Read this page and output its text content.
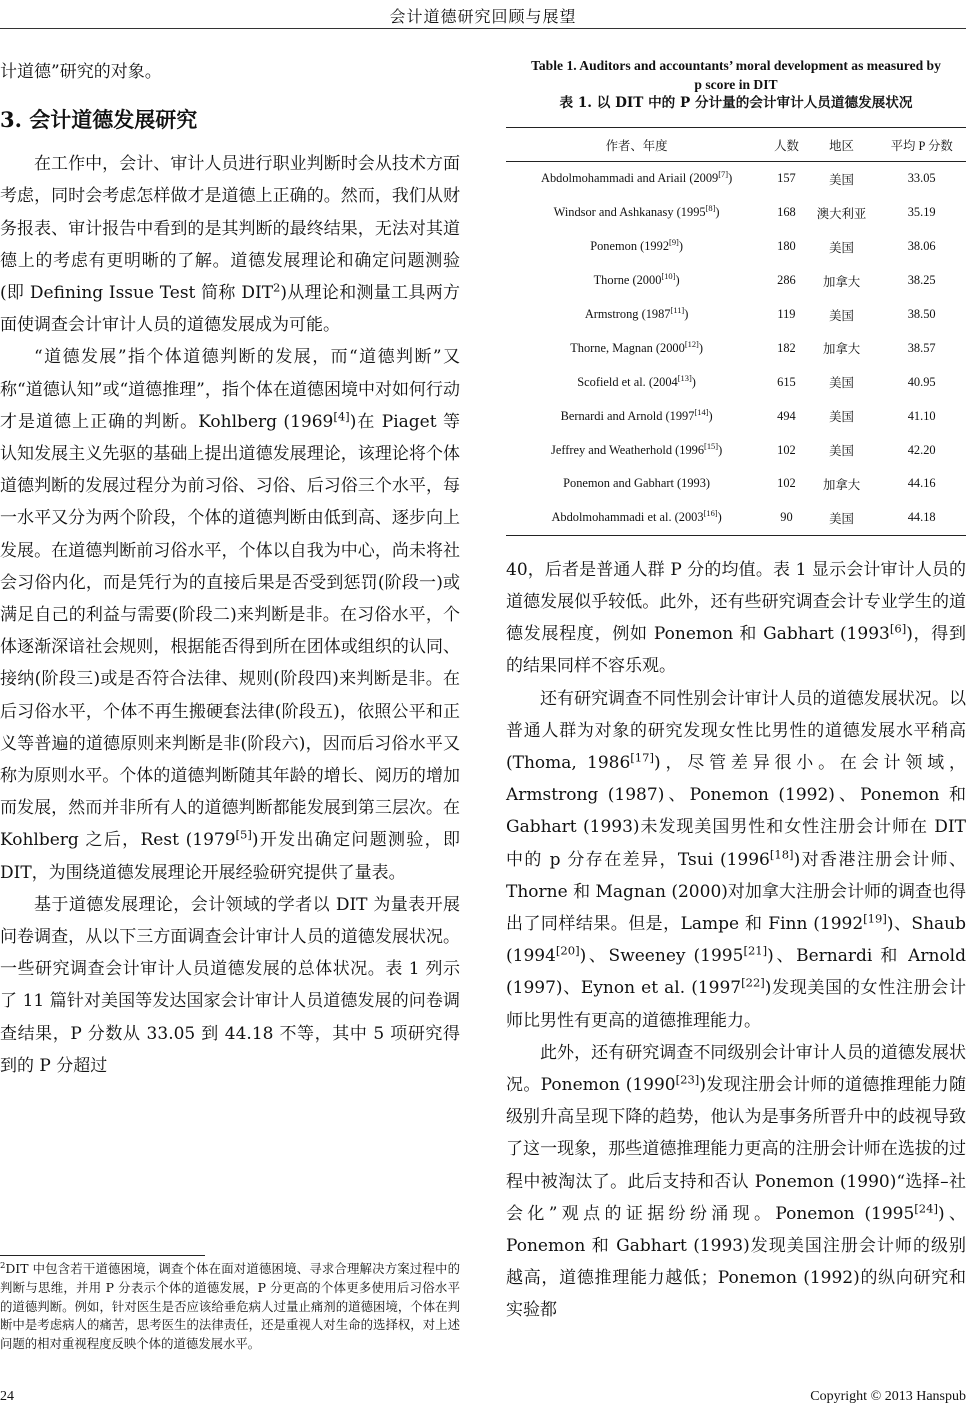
会计道德研究回顾与展望

计道德”研究的对象。

3. 会计道德发展研究

在工作中，会计、审计人员进行职业判断时会从技术方面考虑，同时会考虑怎样做才是道德上正确的。然而，我们从财务报表、审计报告中看到的是其判断的最终结果，无法对其道德上的考虑有更明晰的了解。道德发展理论和确定问题测验(即 Defining Issue Test 简称 DIT$^2$)从理论和测量工具两方面使调查会计审计人员的道德发展成为可能。

“道德发展”指个体道德判断的发展，而“道德判断”又称“道德认知”或“道德推理”，指个体在道德困境中对如何行动才是道德上正确的判断。Kohlberg (1969[4])在 Piaget 等认知发展主义先驱的基础上提出道德发展理论，该理论将个体道德判断的发展过程分为前习俗、习俗、后习俗三个水平，每一水平又分为两个阶段，个体的道德判断由低到高、逐步向上发展。在道德判断前习俗水平，个体以自我为中心，尚未将社会习俗内化，而是凭行为的直接后果是否受到惩罚(阶段一)或满足自己的利益与需要(阶段二)来判断是非。在习俗水平，个体逐渐深谙社会规则，根据能否得到所在团体或组织的认同、接纳(阶段三)或是否符合法律、规则(阶段四)来判断是非。在后习俗水平，个体不再生搬硬套法律(阶段五)，依照公平和正义等普遍的道德原则来判断是非(阶段六)，因而后习俗水平又称为原则水平。个体的道德判断随其年龄的增长、阅历的增加而发展，然而并非所有人的道德判断都能发展到第三层次。在 Kohlberg 之后，Rest (1979[5])开发出确定问题测验，即 DIT，为围绕道德发展理论开展经验研究提供了量表。

基于道德发展理论，会计领域的学者以 DIT 为量表开展问卷调查，从以下三方面调查会计审计人员的道德发展状况。一些研究调查会计审计人员道德发展的总体状况。表 1 列示了 11 篇针对美国等发达国家会计审计人员道德发展的问卷调查结果，P 分数从 33.05 到 44.18 不等，其中 5 项研究得到的 P 分超过

$^2$DIT 中包含若干道德困境，调查个体在面对道德困境、寻求合理解决方案过程中的判断与思维，并用 P 分表示个体的道德发展，P 分更高的个体更多使用后习俗水平的道德判断。例如，针对医生是否应该给垂危病人过量止痛剂的道德困境，个体在判断中是考虑病人的痛苦，思考医生的法律责任，还是重视人对生命的选择权，对上述问题的相对重视程度反映个体的道德发展水平。
Table 1. Auditors and accountants’ moral development as measured by p score in DIT
表 1. 以 DIT 中的 P 分计量的会计审计人员道德发展状况
作者、年度	人数	地区	平均 P 分数
Abdolmohammadi and Ariail (2009[7])	157	美国	33.05
Windsor and Ashkanasy (1995[8])	168	澳大利亚	35.19
Ponemon (1992[9])	180	美国	38.06
Thorne (2000[10])	286	加拿大	38.25
Armstrong (1987[11])	119	美国	38.50
Thorne, Magnan (2000[12])	182	加拿大	38.57
Scofield et al. (2004[13])	615	美国	40.95
Bernardi and Arnold (1997[14])	494	美国	41.10
Jeffrey and Weatherhold (1996[15])	102	美国	42.20
Ponemon and Gabhart (1993)	102	加拿大	44.16
Abdolmohammadi et al. (2003[16])	90	美国	44.18

40，后者是普通人群 P 分的均值。表 1 显示会计审计人员的道德发展似乎较低。此外，还有些研究调查会计专业学生的道德发展程度，例如 Ponemon 和 Gabhart (1993[6])，得到的结果同样不容乐观。

还有研究调查不同性别会计审计人员的道德发展状况。以普通人群为对象的研究发现女性比男性的道德发展水平稍高(Thoma, 1986[17])，尽管差异很小。在会计领域，Armstrong (1987)、Ponemon (1992)、Ponemon 和 Gabhart (1993)未发现美国男性和女性注册会计师在 DIT 中的 p 分存在差异，Tsui (1996[18])对香港注册会计师、Thorne 和 Magnan (2000)对加拿大注册会计师的调查也得出了同样结果。但是，Lampe 和 Finn (1992[19])、Shaub (1994[20])、Sweeney (1995[21])、Bernardi 和 Arnold (1997)、Eynon et al. (1997[22])发现美国的女性注册会计师比男性有更高的道德推理能力。

此外，还有研究调查不同级别会计审计人员的道德发展状况。Ponemon (1990[23])发现注册会计师的道德推理能力随级别升高呈现下降的趋势，他认为是事务所晋升中的歧视导致了这一现象，那些道德推理能力更高的注册会计师在选拔的过程中被淘汰了。此后支持和否认 Ponemon (1990)“选择–社会化”观点的证据纷纷涌现。Ponemon (1995[24])、Ponemon 和 Gabhart (1993)发现美国注册会计师的级别越高，道德推理能力越低；Ponemon (1992)的纵向研究和实验都

24	Copyright © 2013 Hanspub
